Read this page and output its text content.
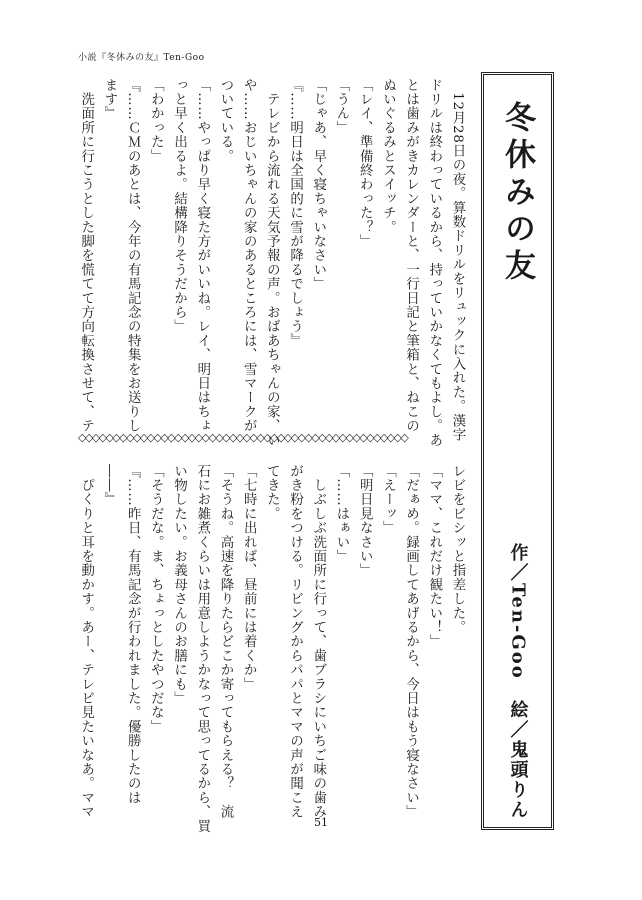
小説『冬休みの友』Ten-Goo
冬休みの友
作／Ten-Goo
絵／鬼頭りん
　12月28日の夜。算数ドリルをリュックに入れた。漢字
ドリルは終わっているから、持っていかなくてもよし。あ
とは歯みがきカレンダーと、一行日記と筆箱と、ねこの
ぬいぐるみとスイッチ。
「レイ、準備終わった？」
「うん」
「じゃあ、早く寝ちゃいなさい」
『……明日は全国的に雪が降るでしょう』
　テレビから流れる天気予報の声。おばあちゃんの家、い
や……おじいちゃんの家のあるところには、雪マークが
ついている。
「……やっぱり早く寝た方がいいね。レイ、明日はちょ
っと早く出るよ。結構降りそうだから」
「わかった」
『……ＣＭのあとは、今年の有馬記念の特集をお送りし
ます』
　洗面所に行こうとした脚を慌てて方向転換させて、テ
◇◇◇◇◇◇◇◇◇◇◇◇◇◇◇◇◇◇◇◇◇◇◇◇◇◇◇◇◇◇◇◇◇◇◇◇◇◇◇◇◇◇◇◇◇◇◇◇
レビをビシッと指差した。
「ママ、これだけ観たい！」
「だぁめ。録画してあげるから、今日はもう寝なさい」
「えーッ」
「明日見なさい」
「……はぁい」
　しぶしぶ洗面所に行って、歯ブラシにいちご味の歯み
がき粉をつける。リビングからパパとママの声が聞こえ
てきた。
「七時に出れば、昼前には着くか」
「そうね。高速を降りたらどこか寄ってもらえる？　流
石にお雑煮くらいは用意しようかなって思ってるから、買
い物したい。お義母さんのお膳にも」
「そうだな。ま、ちょっとしたやつだな」
『……昨日、有馬記念が行われました。優勝したのは
――』
　ぴくりと耳を動かす。あー、テレビ見たいなあ。ママ
51
